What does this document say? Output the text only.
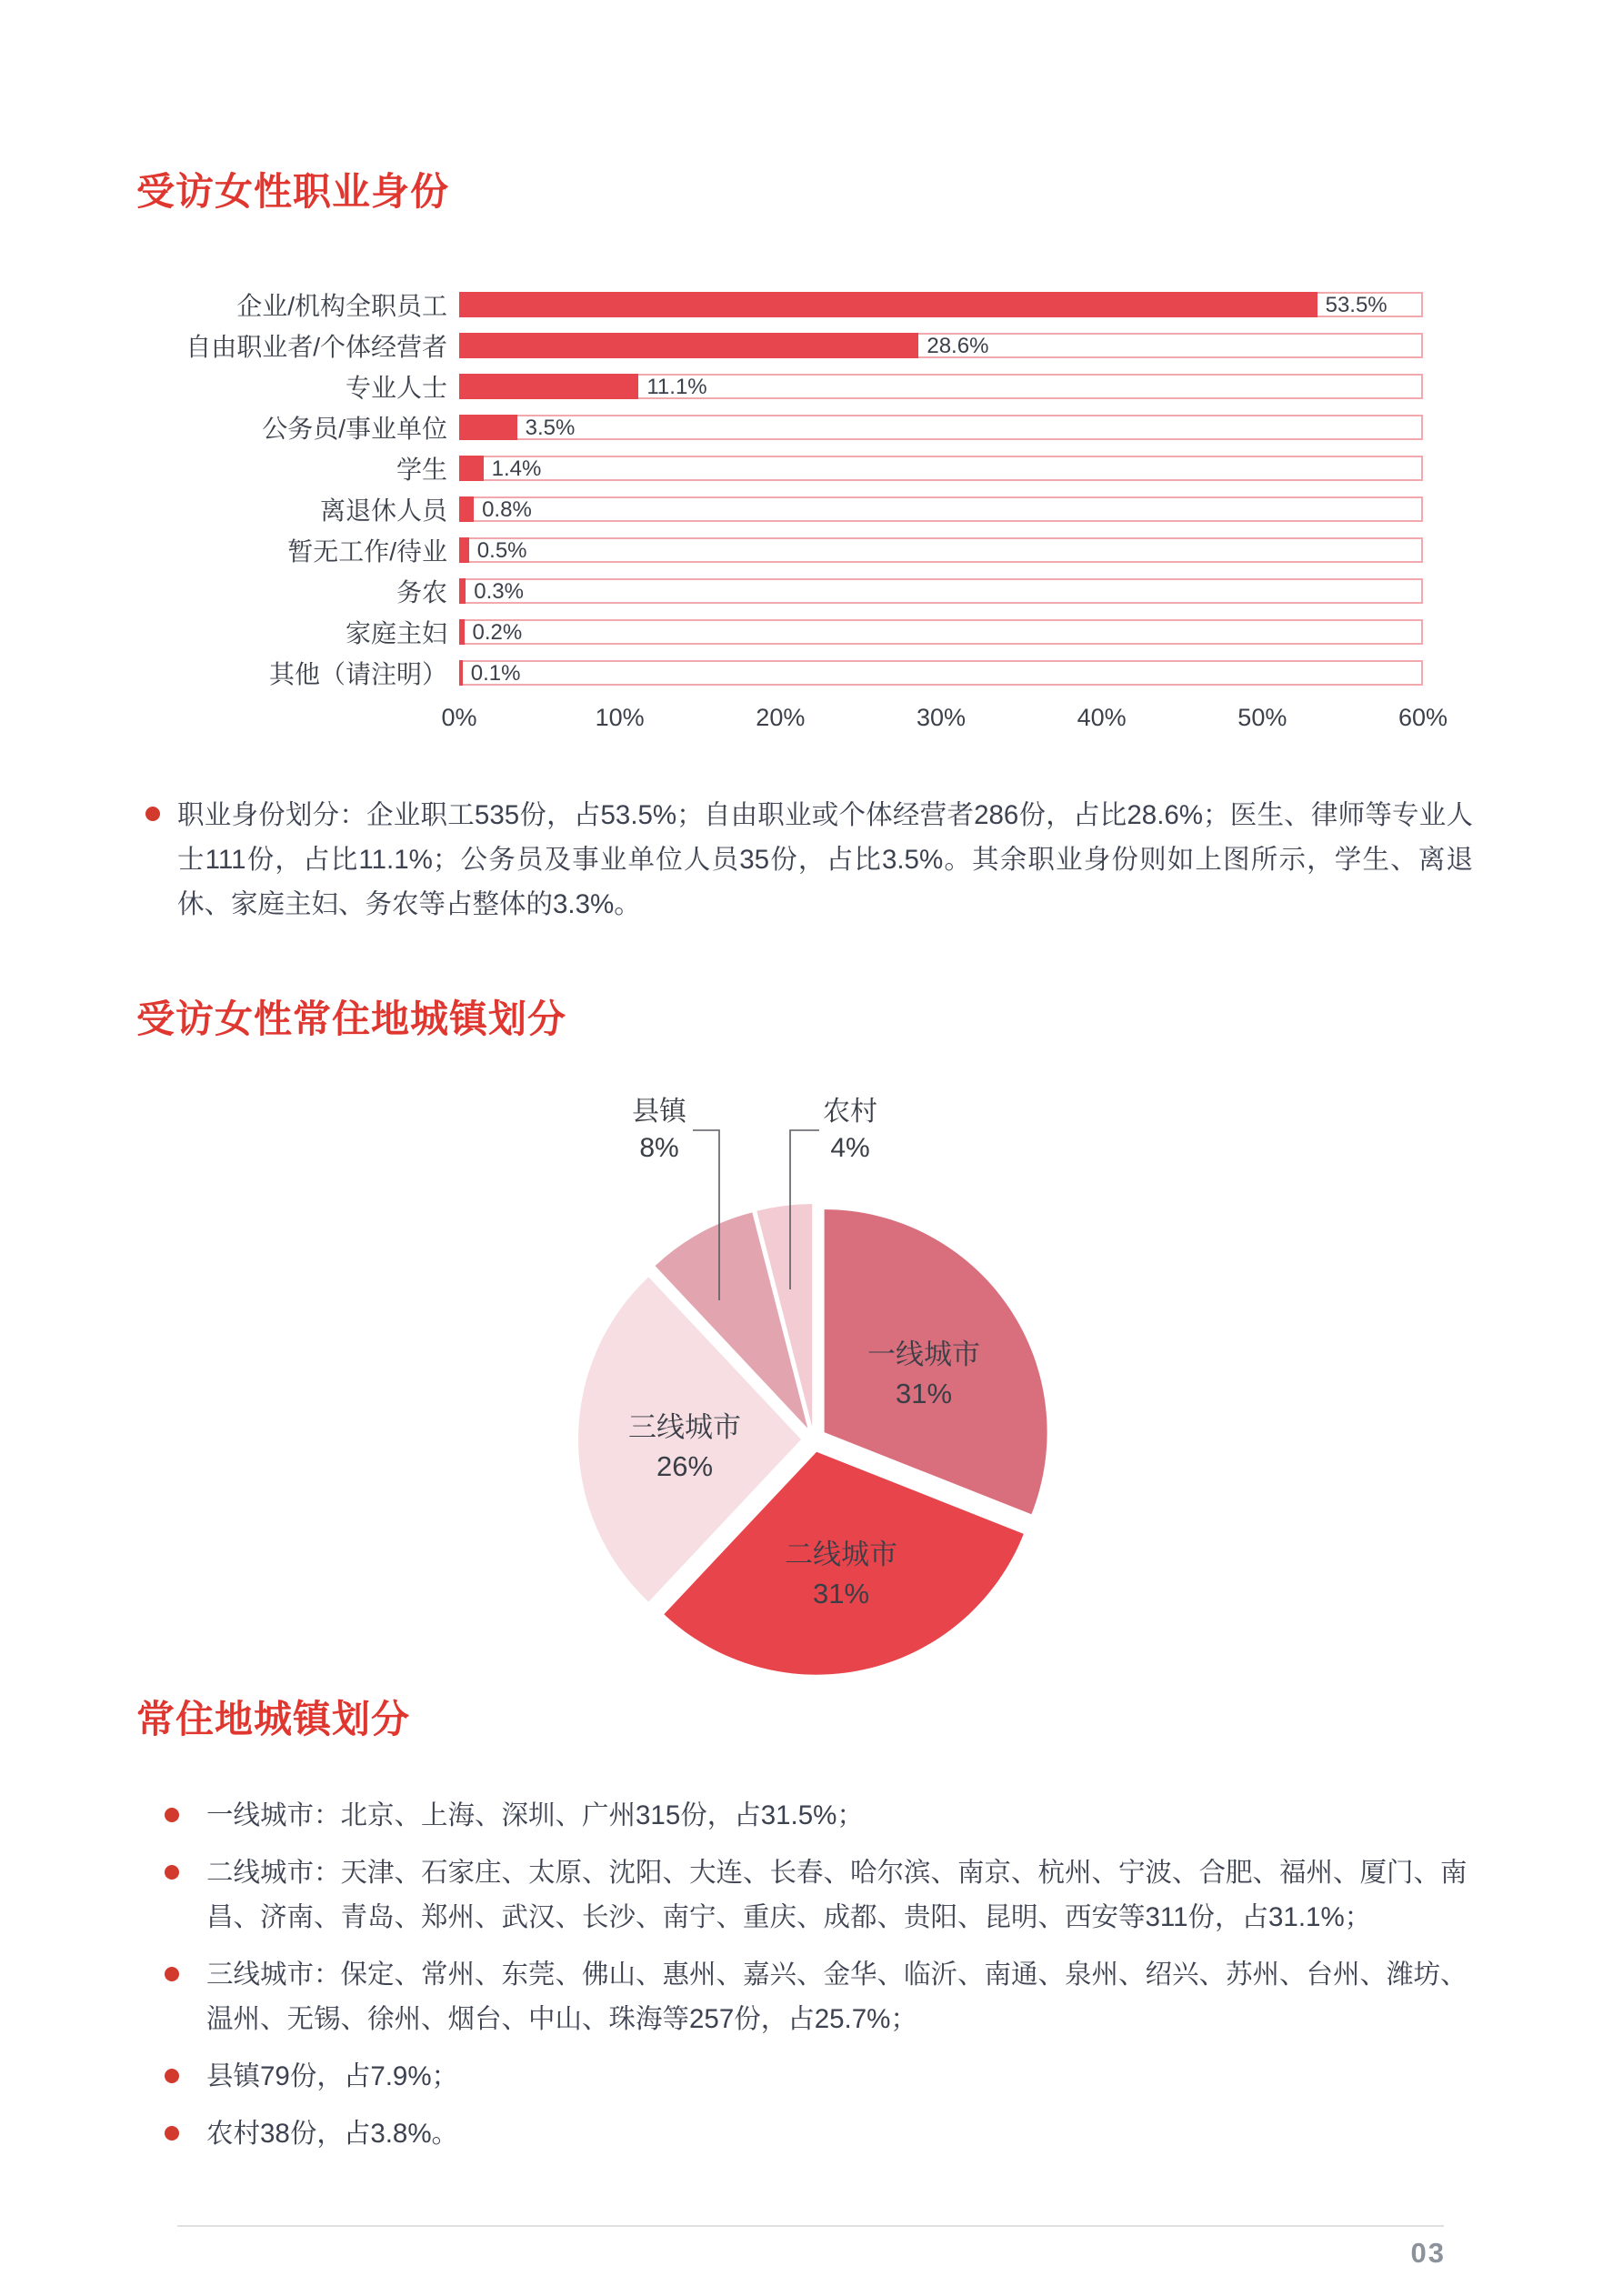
受访女性职业身份
企业/机构全职员工	53.5%
自由职业者/个体经营者	28.6%
专业人士	11.1%
公务员/事业单位	3.5%
学生	1.4%
离退休人员	0.8%
暂无工作/待业	0.5%
务农	0.3%
家庭主妇	0.2%
其他（请注明）	0.1%
0%	10%	20%	30%	40%	50%	60%

职业身份划分：企业职工535份，占53.5%；自由职业或个体经营者286份，占比28.6%；医生、律师等专业人士111份，占比11.1%；公务员及事业单位人员35份，占比3.5%。其余职业身份则如上图所示，学生、离退休、家庭主妇、务农等占整体的3.3%。

受访女性常住地城镇划分
县镇
8%
农村
4%
一线城市
31%
二线城市
31%
三线城市
26%
常住地城镇划分
一线城市：北京、上海、深圳、广州315份，占31.5%；
二线城市：天津、石家庄、太原、沈阳、大连、长春、哈尔滨、南京、杭州、宁波、合肥、福州、厦门、南昌、济南、青岛、郑州、武汉、长沙、南宁、重庆、成都、贵阳、昆明、西安等311份，占31.1%；
三线城市：保定、常州、东莞、佛山、惠州、嘉兴、金华、临沂、南通、泉州、绍兴、苏州、台州、潍坊、温州、无锡、徐州、烟台、中山、珠海等257份，占25.7%；
县镇79份，占7.9%；
农村38份，占3.8%。
03
